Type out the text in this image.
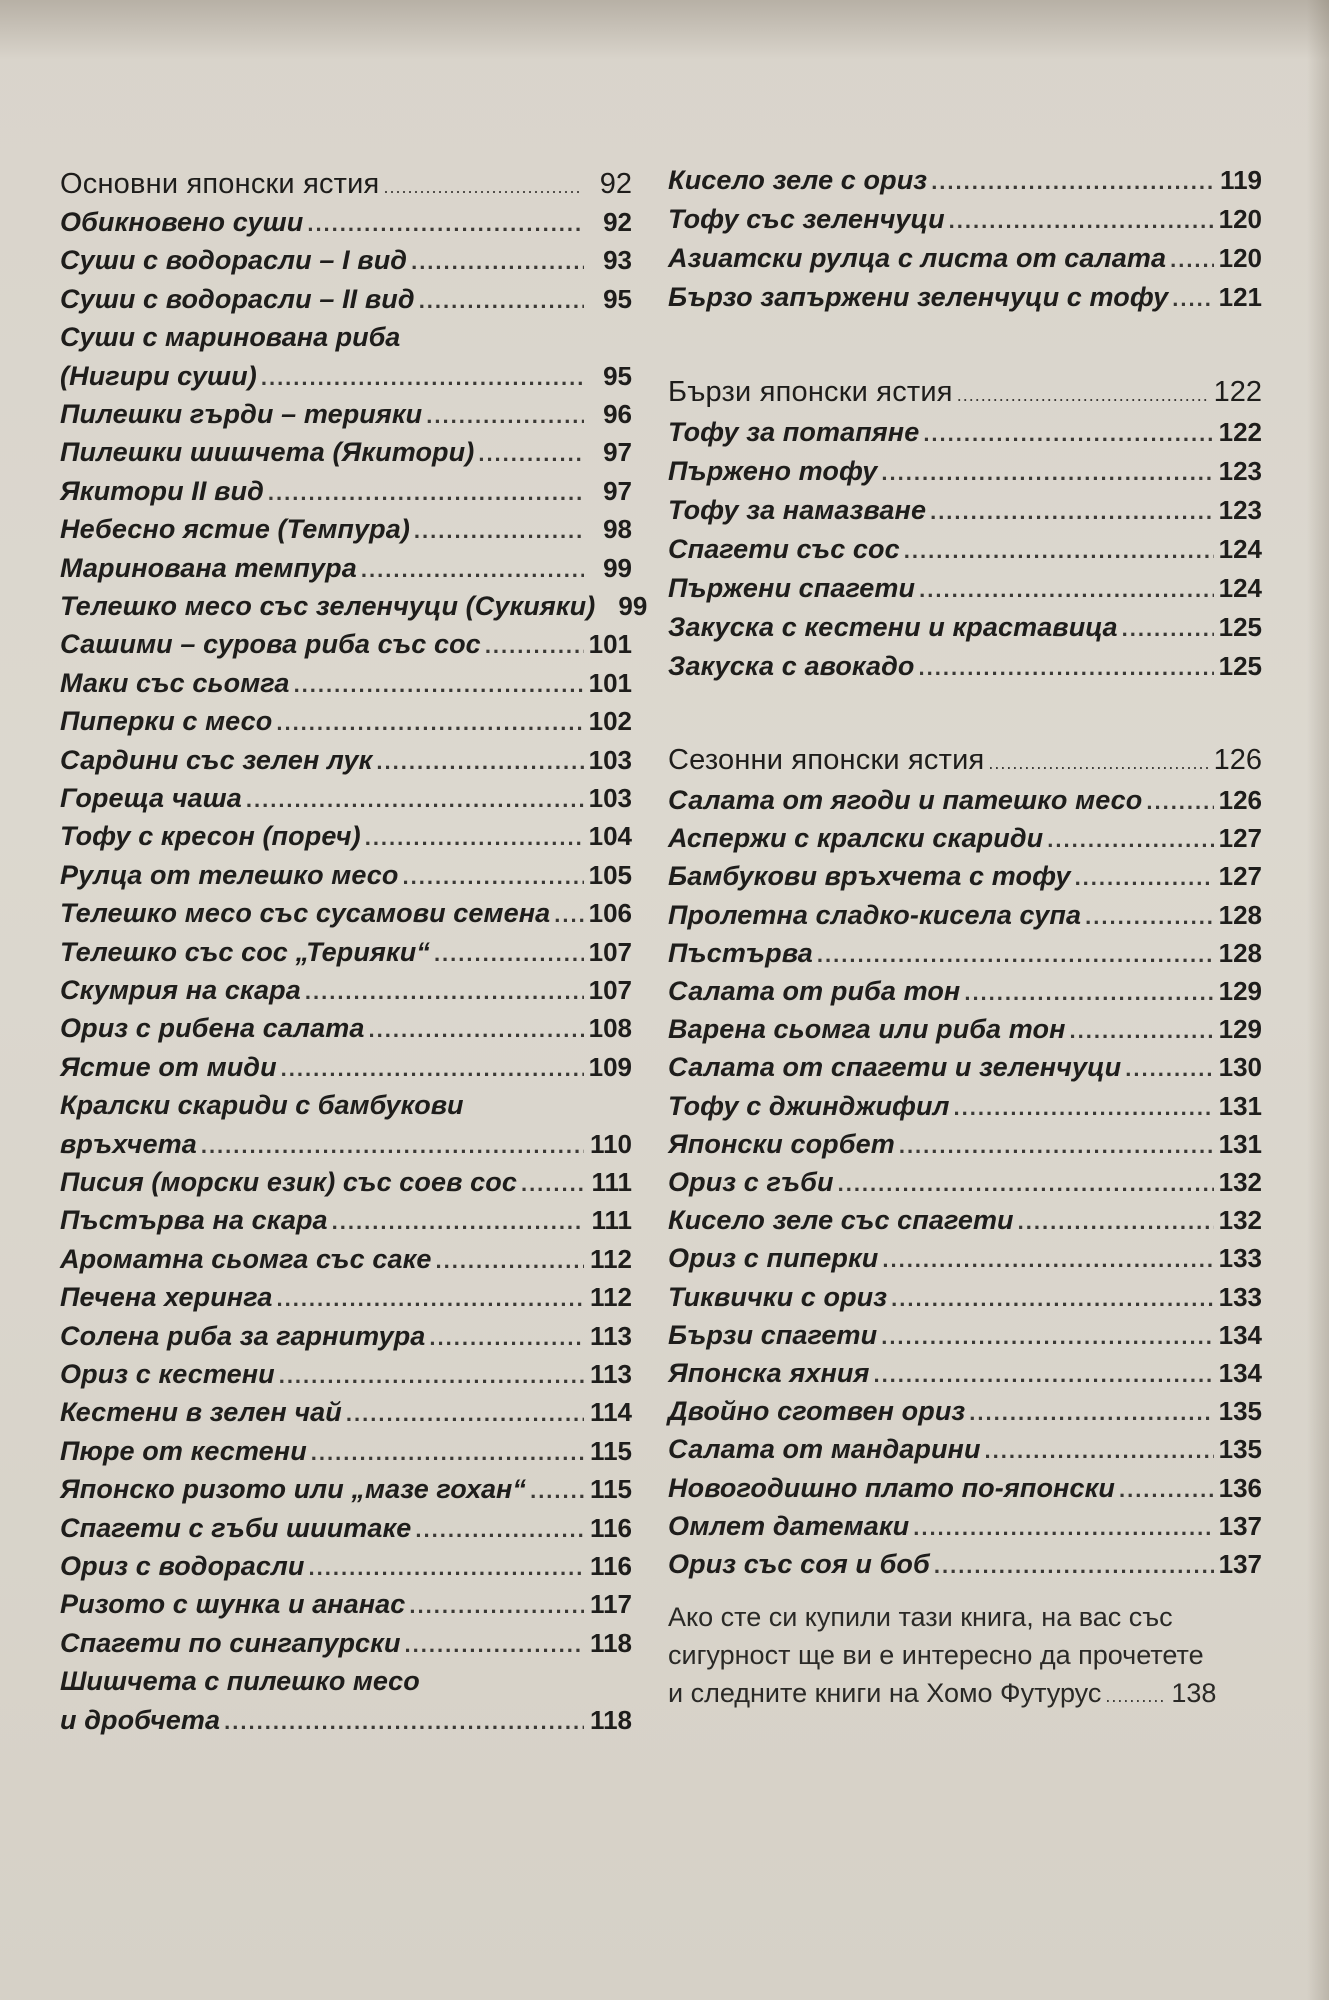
Основни японски ястия .....	92
Обикновено суши .....	92
Суши с водорасли – I вид .....	93
Суши с водорасли – II вид .....	95
Суши с маринована риба
(Нигири суши) .....	95
Пилешки гърди – терияки .....	96
Пилешки шишчета (Якитори) .....	97
Якитори II вид .....	97
Небесно ястие (Темпура) .....	98
Маринована темпура .....	99
Телешко месо със зеленчуци (Сукияки) 99
Сашими – сурова риба със сос .....	101
Маки със сьомга .....	101
Пиперки с месо .....	102
Сардини със зелен лук .....	103
Гореща чаша .....	103
Тофу с кресон (пореч) .....	104
Рулца от телешко месо .....	105
Телешко месо със сусамови семена ..... 106
Телешко със сос „Терияки“ .....	107
Скумрия на скара .....	107
Ориз с рибена салата .....	108
Ястие от миди .....	109
Кралски скариди с бамбукови
връхчета .....	110
Писия (морски език) със соев сос .....	111
Пъстърва на скара .....	111
Ароматна сьомга със саке .....	112
Печена херинга .....	112
Солена риба за гарнитура .....	113
Ориз с кестени .....	113
Кестени в зелен чай .....	114
Пюре от кестени .....	115
Японско ризото или „мазе гохан“ ..... 115
Спагети с гъби шиитаке .....	116
Ориз с водорасли .....	116
Ризото с шунка и ананас .....	117
Спагети по сингапурски .....	118
Шишчета с пилешко месо
и дробчета .....	118
Кисело зеле с ориз .....	119
Тофу със зеленчуци .....	120
Азиатски рулца с листа от салата ..... 120
Бързо запържени зеленчуци с тофу ..... 121
Бързи японски ястия .....	122
Тофу за потапяне .....	122
Пържено тофу .....	123
Тофу за намазване .....	123
Спагети със сос .....	124
Пържени спагети .....	124
Закуска с кестени и краставица .....	125
Закуска с авокадо .....	125
Сезонни японски ястия .....	126
Салата от ягоди и патешко месо .....	126
Аспержи с кралски скариди .....	127
Бамбукови връхчета с тофу .....	127
Пролетна сладко-кисела супа .....	128
Пъстърва .....	128
Салата от риба тон .....	129
Варена сьомга или риба тон .....	129
Салата от спагети и зеленчуци .....	130
Тофу с джинджифил .....	131
Японски сорбет .....	131
Ориз с гъби .....	132
Кисело зеле със спагети .....	132
Ориз с пиперки .....	133
Тиквички с ориз .....	133
Бързи спагети .....	134
Японска яхния .....	134
Двойно сготвен ориз .....	135
Салата от мандарини .....	135
Новогодишно плато по-японски .....	136
Омлет датемаки .....	137
Ориз със соя и боб .....	137
Ако сте си купили тази книга, на вас със
сигурност ще ви е интересно да прочетете
и следните книги на Хомо Футурус .....	138
